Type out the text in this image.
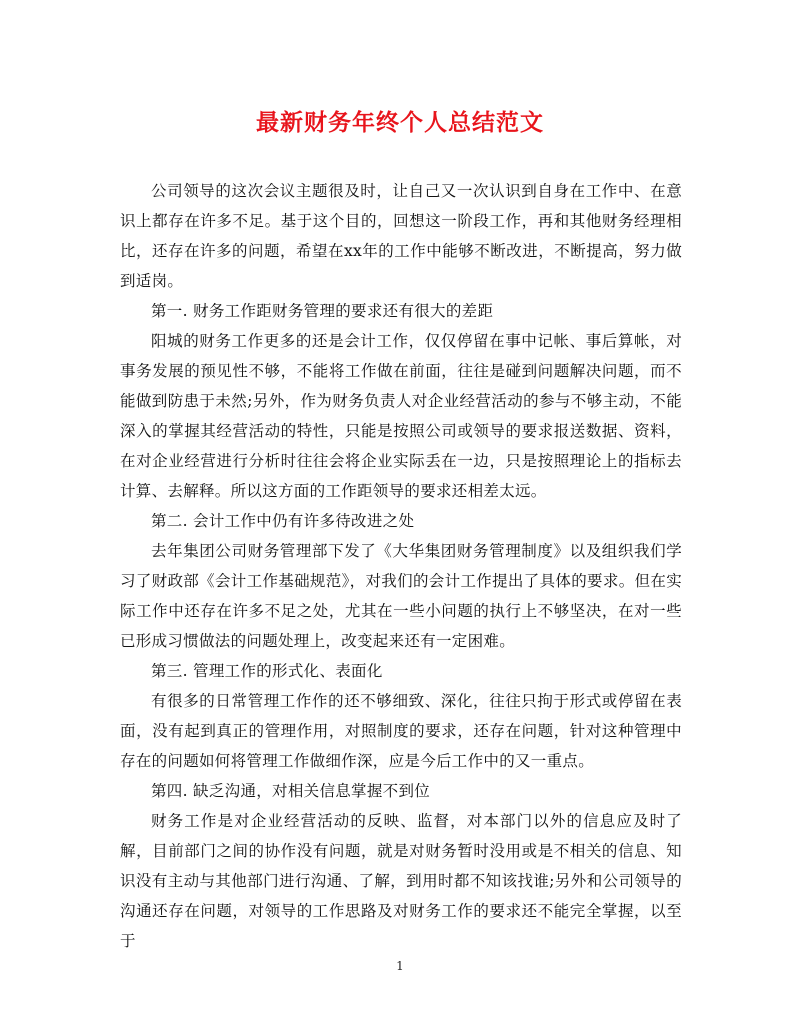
最新财务年终个人总结范文

公司领导的这次会议主题很及时，让自己又一次认识到自身在工作中、在意识上都存在许多不足。基于这个目的，回想这一阶段工作，再和其他财务经理相比，还存在许多的问题，希望在xx年的工作中能够不断改进，不断提高，努力做到适岗。

第一. 财务工作距财务管理的要求还有很大的差距

阳城的财务工作更多的还是会计工作，仅仅停留在事中记帐、事后算帐，对事务发展的预见性不够，不能将工作做在前面，往往是碰到问题解决问题，而不能做到防患于未然;另外，作为财务负责人对企业经营活动的参与不够主动，不能深入的掌握其经营活动的特性，只能是按照公司或领导的要求报送数据、资料，在对企业经营进行分析时往往会将企业实际丢在一边，只是按照理论上的指标去计算、去解释。所以这方面的工作距领导的要求还相差太远。

第二. 会计工作中仍有许多待改进之处

去年集团公司财务管理部下发了《大华集团财务管理制度》以及组织我们学习了财政部《会计工作基础规范》，对我们的会计工作提出了具体的要求。但在实际工作中还存在许多不足之处，尤其在一些小问题的执行上不够坚决，在对一些已形成习惯做法的问题处理上，改变起来还有一定困难。

第三. 管理工作的形式化、表面化

有很多的日常管理工作作的还不够细致、深化，往往只拘于形式或停留在表面，没有起到真正的管理作用，对照制度的要求，还存在问题，针对这种管理中存在的问题如何将管理工作做细作深，应是今后工作中的又一重点。

第四. 缺乏沟通，对相关信息掌握不到位

财务工作是对企业经营活动的反映、监督，对本部门以外的信息应及时了解，目前部门之间的协作没有问题，就是对财务暂时没用或是不相关的信息、知识没有主动与其他部门进行沟通、了解，到用时都不知该找谁;另外和公司领导的沟通还存在问题，对领导的工作思路及对财务工作的要求还不能完全掌握，以至于

1
